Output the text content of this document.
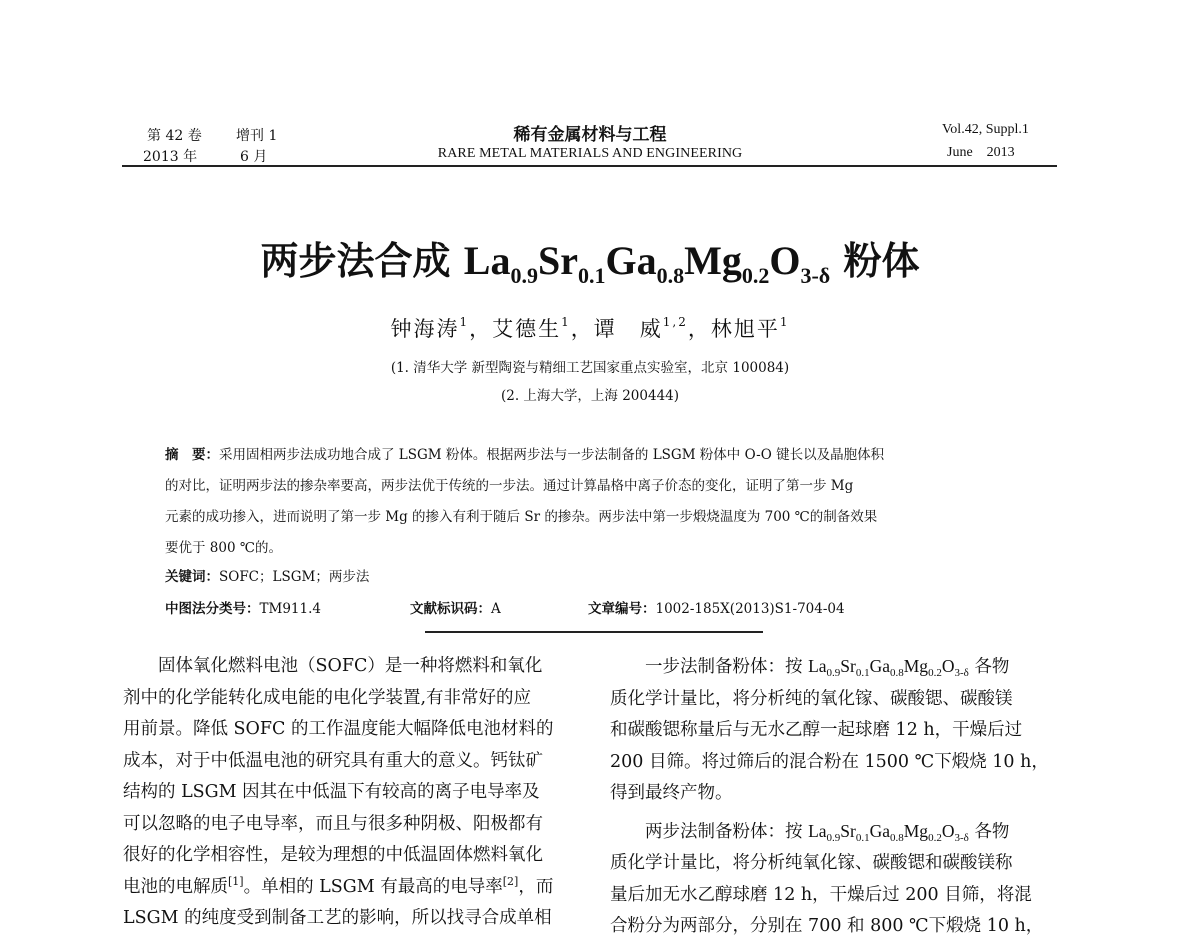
第 42 卷 增刊 1
2013 年	6 月
稀有金属材料与工程
RARE METAL MATERIALS AND ENGINEERING
Vol.42, Suppl.1
June    2013
两步法合成 $La_{0.9}Sr_{0.1}Ga_{0.8}Mg_{0.2}O_{3-\delta}$ 粉体
钟海涛$^1$，艾德生$^1$，谭　威$^{1,2}$，林旭平$^1$
(1. 清华大学 新型陶瓷与精细工艺国家重点实验室，北京 100084)
(2. 上海大学，上海 200444)
摘　要：采用固相两步法成功地合成了 LSGM 粉体。根据两步法与一步法制备的 LSGM 粉体中 O-O 键长以及晶胞体积
的对比，证明两步法的掺杂率要高，两步法优于传统的一步法。通过计算晶格中离子价态的变化，证明了第一步 Mg
元素的成功掺入，进而说明了第一步 Mg 的掺入有利于随后 Sr 的掺杂。两步法中第一步煅烧温度为 700 ℃的制备效果
要优于 800 ℃的。
关键词：SOFC；LSGM；两步法
中图法分类号：TM911.4	文献标识码：A	文章编号：1002-185X(2013)S1-704-04
　　固体氧化燃料电池（SOFC）是一种将燃料和氧化
剂中的化学能转化成电能的电化学装置,有非常好的应
用前景。降低 SOFC 的工作温度能大幅降低电池材料的
成本，对于中低温电池的研究具有重大的意义。钙钛矿
结构的 LSGM 因其在中低温下有较高的离子电导率及
可以忽略的电子电导率，而且与很多种阴极、阳极都有
很好的化学相容性，是较为理想的中低温固体燃料氧化
电池的电解质[1]。单相的 LSGM 有最高的电导率[2]，而
LSGM 的纯度受到制备工艺的影响，所以找寻合成单相
　　一步法制备粉体：按 $La_{0.9}Sr_{0.1}Ga_{0.8}Mg_{0.2}O_{3-\delta}$ 各物
质化学计量比，将分析纯的氧化镓、碳酸锶、碳酸镁
和碳酸锶称量后与无水乙醇一起球磨 12 h，干燥后过
200 目筛。将过筛后的混合粉在 1500 ℃下煅烧 10 h，
得到最终产物。
　　两步法制备粉体：按 $La_{0.9}Sr_{0.1}Ga_{0.8}Mg_{0.2}O_{3-\delta}$ 各物
质化学计量比，将分析纯氧化镓、碳酸锶和碳酸镁称
量后加无水乙醇球磨 12 h，干燥后过 200 目筛，将混
合粉分为两部分，分别在 700 和 800 ℃下煅烧 10 h，
